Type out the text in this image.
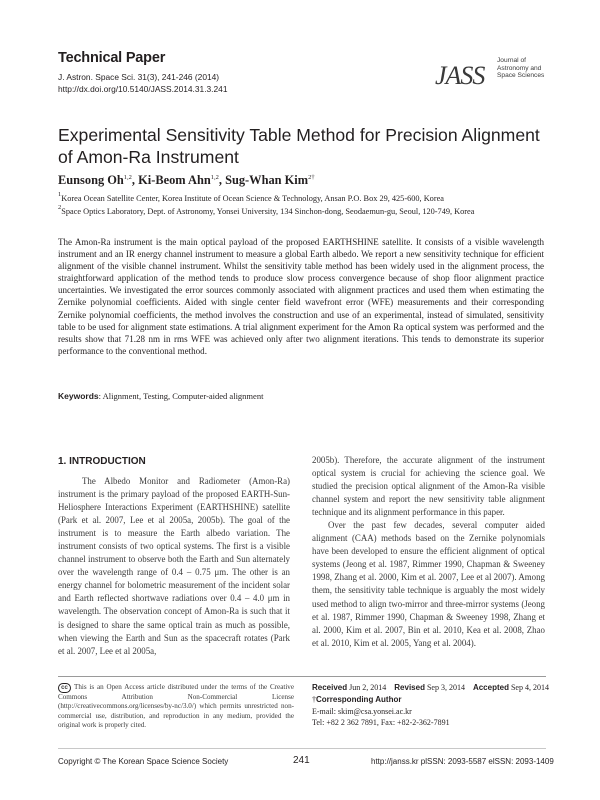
Technical Paper
J. Astron. Space Sci. 31(3), 241-246 (2014)
http://dx.doi.org/10.5140/JASS.2014.31.3.241	JASS
Journal of
Astronomy and
Space Sciences
Experimental Sensitivity Table Method for Precision Alignment of Amon-Ra Instrument
Eunsong Oh$^{1,2}$, Ki-Beom Ahn$^{1,2}$, Sug-Whan Kim$^{2\dagger}$
$^1$Korea Ocean Satellite Center, Korea Institute of Ocean Science & Technology, Ansan P.O. Box 29, 425-600, Korea
$^2$Space Optics Laboratory, Dept. of Astronomy, Yonsei University, 134 Sinchon-dong, Seodaemun-gu, Seoul, 120-749, Korea
The Amon-Ra instrument is the main optical payload of the proposed EARTHSHINE satellite. It consists of a visible wavelength instrument and an IR energy channel instrument to measure a global Earth albedo. We report a new sensitivity technique for efficient alignment of the visible channel instrument. Whilst the sensitivity table method has been widely used in the alignment process, the straightforward application of the method tends to produce slow process convergence because of shop floor alignment practice uncertainties. We investigated the error sources commonly associated with alignment practices and used them when estimating the Zernike polynomial coefficients. Aided with single center field wavefront error (WFE) measurements and their corresponding Zernike polynomial coefficients, the method involves the construction and use of an experimental, instead of simulated, sensitivity table to be used for alignment state estimations. A trial alignment experiment for the Amon Ra optical system was performed and the results show that 71.28 nm in rms WFE was achieved only after two alignment iterations. This tends to demonstrate its superior performance to the conventional method.
Keywords: Alignment, Testing, Computer-aided alignment
1. INTRODUCTION

The Albedo Monitor and Radiometer (Amon-Ra) instrument is the primary payload of the proposed EARTH-Sun-Heliosphere Interactions Experiment (EARTHSHINE) satellite (Park et al. 2007, Lee et al 2005a, 2005b). The goal of the instrument is to measure the Earth albedo variation. The instrument consists of two optical systems. The first is a visible channel instrument to observe both the Earth and Sun alternately over the wavelength range of 0.4 – 0.75 μm. The other is an energy channel for bolometric measurement of the incident solar and Earth reflected shortwave radiations over 0.4 – 4.0 μm in wavelength. The observation concept of Amon-Ra is such that it is designed to share the same optical train as much as possible, when viewing the Earth and Sun as the spacecraft rotates (Park et al. 2007, Lee et al 2005a,

2005b). Therefore, the accurate alignment of the instrument optical system is crucial for achieving the science goal. We studied the precision optical alignment of the Amon-Ra visible channel system and report the new sensitivity table alignment technique and its alignment performance in this paper.

Over the past few decades, several computer aided alignment (CAA) methods based on the Zernike polynomials have been developed to ensure the efficient alignment of optical systems (Jeong et al. 1987, Rimmer 1990, Chapman & Sweeney 1998, Zhang et al. 2000, Kim et al. 2007, Lee et al 2007). Among them, the sensitivity table technique is arguably the most widely used method to align two-mirror and three-mirror systems (Jeong et al. 1987, Rimmer 1990, Chapman & Sweeney 1998, Zhang et al. 2000, Kim et al. 2007, Bin et al. 2010, Kea et al. 2008, Zhao et al. 2010, Kim et al. 2005, Yang et al. 2004).

cc This is an Open Access article distributed under the terms of the Creative Commons Attribution Non-Commercial License (http://creativecommons.org/licenses/by-nc/3.0/) which permits unrestricted non-commercial use, distribution, and reproduction in any medium, provided the original work is properly cited.
Received Jun 2, 2014 Revised Sep 3, 2014 Accepted Sep 4, 2014
†Corresponding Author
E-mail: skim@csa.yonsei.ac.kr
Tel: +82 2 362 7891, Fax: +82-2-362-7891
Copyright © The Korean Space Science Society	241	http://janss.kr plSSN: 2093-5587 elSSN: 2093-1409
